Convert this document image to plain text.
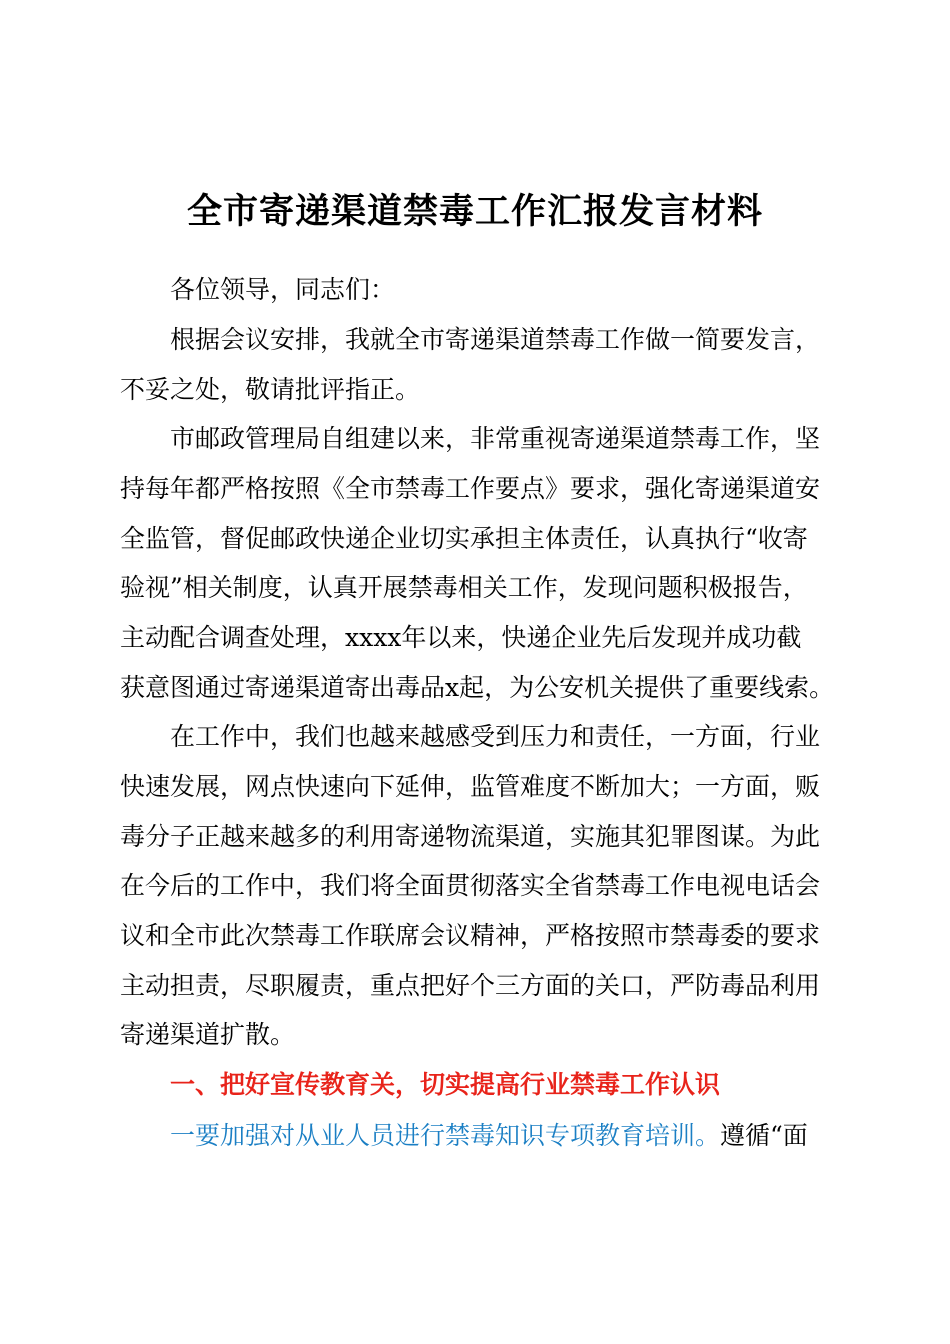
全市寄递渠道禁毒工作汇报发言材料
各位领导，同志们：
根据会议安排，我就全市寄递渠道禁毒工作做一简要发言，
不妥之处，敬请批评指正。
市邮政管理局自组建以来，非常重视寄递渠道禁毒工作，坚
持每年都严格按照《全市禁毒工作要点》要求，强化寄递渠道安
全监管，督促邮政快递企业切实承担主体责任，认真执行“收寄
验视”相关制度，认真开展禁毒相关工作，发现问题积极报告，
主动配合调查处理，xxxx年以来，快递企业先后发现并成功截
获意图通过寄递渠道寄出毒品x起，为公安机关提供了重要线索。
在工作中，我们也越来越感受到压力和责任，一方面，行业
快速发展，网点快速向下延伸，监管难度不断加大；一方面，贩
毒分子正越来越多的利用寄递物流渠道，实施其犯罪图谋。为此
在今后的工作中，我们将全面贯彻落实全省禁毒工作电视电话会
议和全市此次禁毒工作联席会议精神，严格按照市禁毒委的要求
主动担责，尽职履责，重点把好个三方面的关口，严防毒品利用
寄递渠道扩散。
一、把好宣传教育关，切实提高行业禁毒工作认识
一要加强对从业人员进行禁毒知识专项教育培训。遵循“面
